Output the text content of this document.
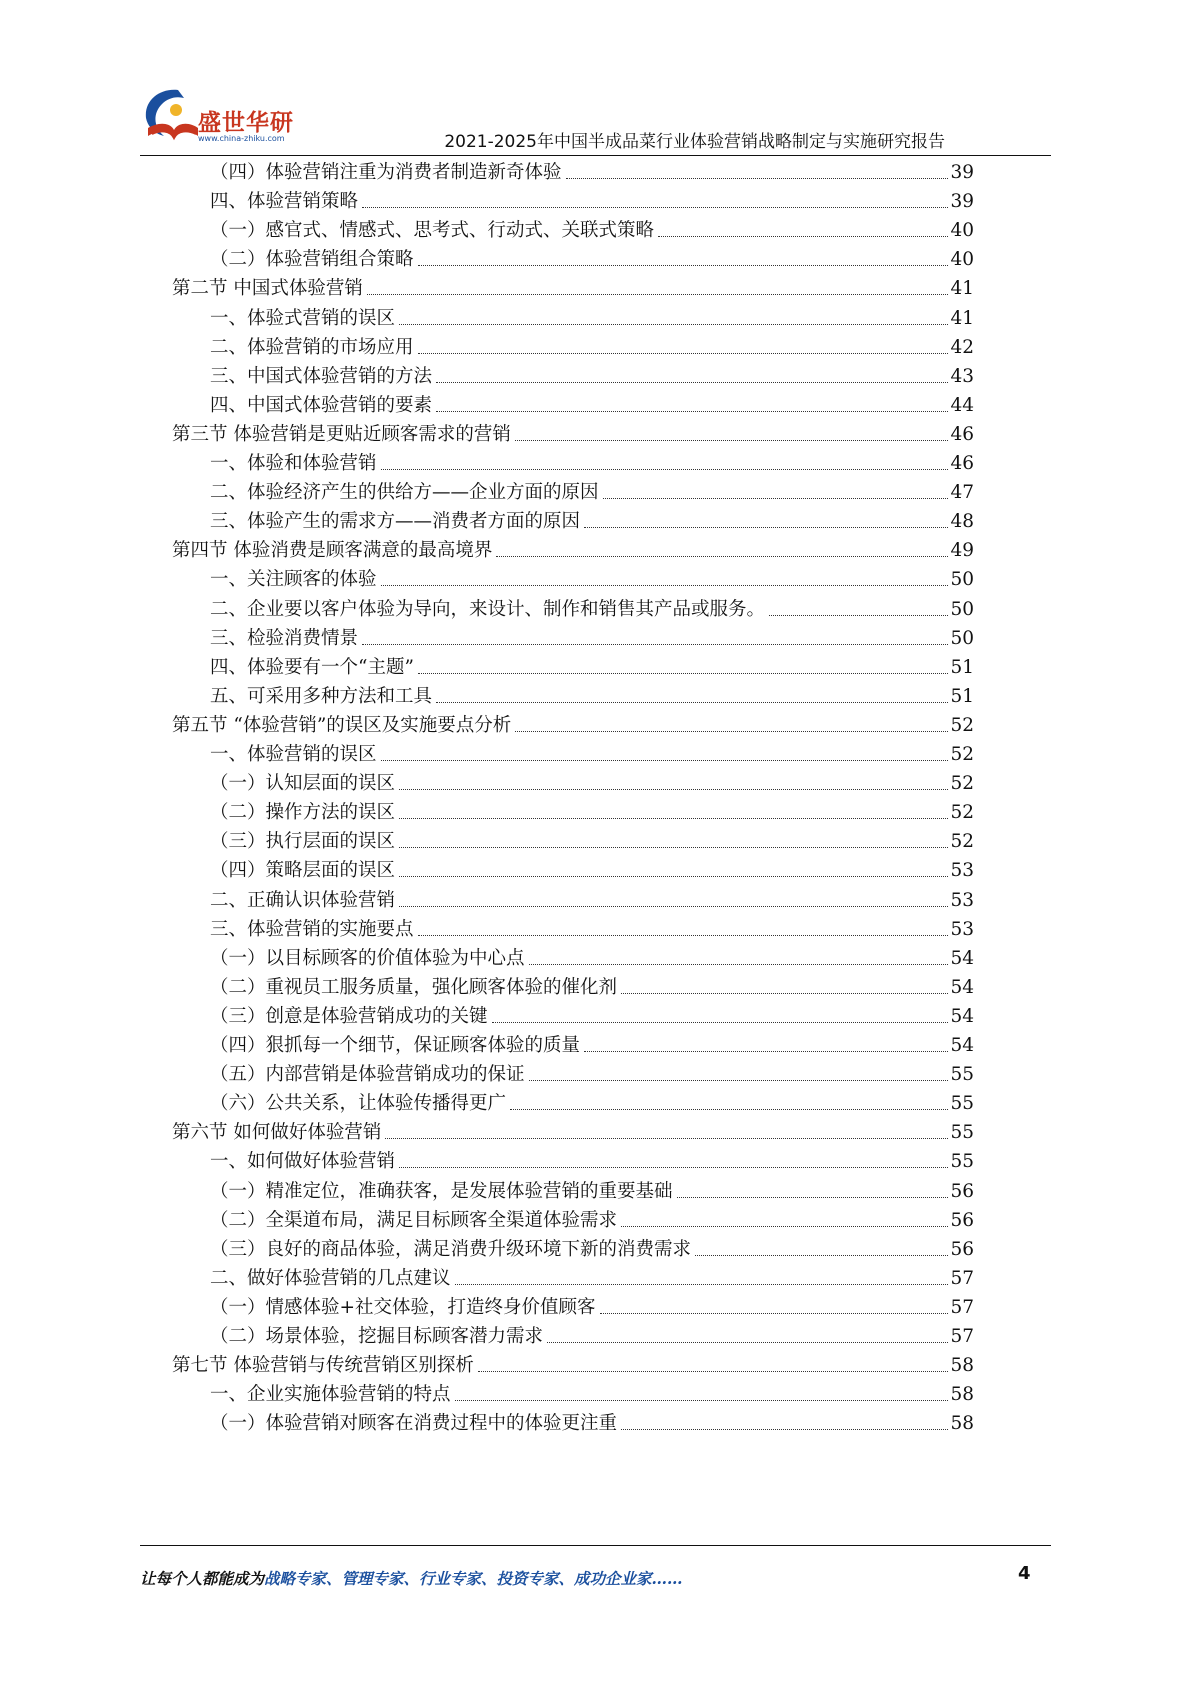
盛世华研
www.china-zhiku.com	2021-2025年中国半成品菜行业体验营销战略制定与实施研究报告
（四）体验营销注重为消费者制造新奇体验	39
四、体验营销策略	39
（一）感官式、情感式、思考式、行动式、关联式策略	40
（二）体验营销组合策略	40
第二节 中国式体验营销	41
一、体验式营销的误区	41
二、体验营销的市场应用	42
三、中国式体验营销的方法	43
四、中国式体验营销的要素	44
第三节 体验营销是更贴近顾客需求的营销	46
一、体验和体验营销	46
二、体验经济产生的供给方——企业方面的原因	47
三、体验产生的需求方——消费者方面的原因	48
第四节 体验消费是顾客满意的最高境界	49
一、关注顾客的体验	50
二、企业要以客户体验为导向，来设计、制作和销售其产品或服务。	50
三、检验消费情景	50
四、体验要有一个“主题”	51
五、可采用多种方法和工具	51
第五节 “体验营销”的误区及实施要点分析	52
一、体验营销的误区	52
（一）认知层面的误区	52
（二）操作方法的误区	52
（三）执行层面的误区	52
（四）策略层面的误区	53
二、正确认识体验营销	53
三、体验营销的实施要点	53
（一）以目标顾客的价值体验为中心点	54
（二）重视员工服务质量，强化顾客体验的催化剂	54
（三）创意是体验营销成功的关键	54
（四）狠抓每一个细节，保证顾客体验的质量	54
（五）内部营销是体验营销成功的保证	55
（六）公共关系，让体验传播得更广	55
第六节 如何做好体验营销	55
一、如何做好体验营销	55
（一）精准定位，准确获客，是发展体验营销的重要基础	56
（二）全渠道布局，满足目标顾客全渠道体验需求	56
（三）良好的商品体验，满足消费升级环境下新的消费需求	56
二、做好体验营销的几点建议	57
（一）情感体验+社交体验，打造终身价值顾客	57
（二）场景体验，挖掘目标顾客潜力需求	57
第七节 体验营销与传统营销区别探析	58
一、企业实施体验营销的特点	58
（一）体验营销对顾客在消费过程中的体验更注重	58
让每个人都能成为战略专家、管理专家、行业专家、投资专家、成功企业家……	4
